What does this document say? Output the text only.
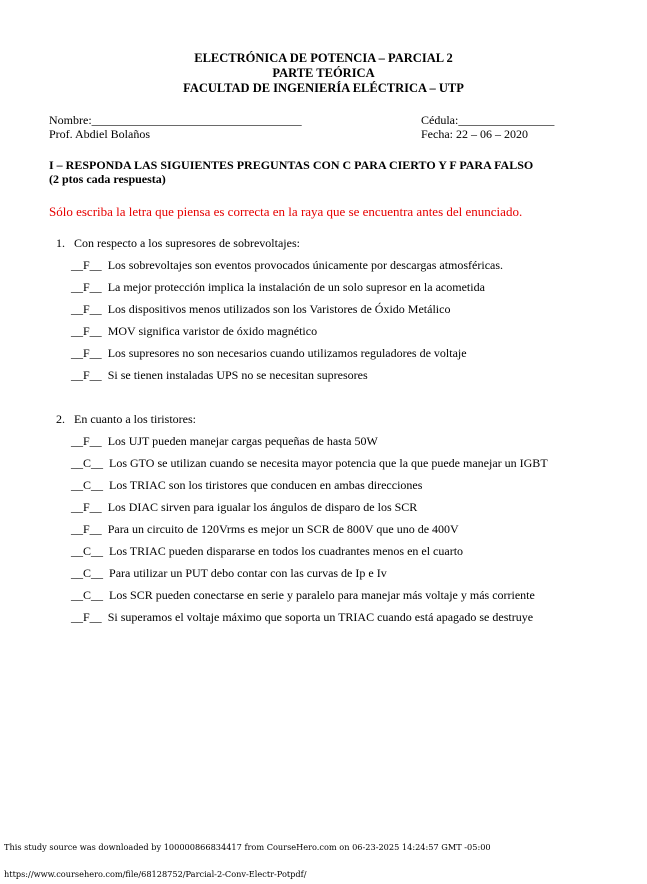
ELECTRÓNICA DE POTENCIA – PARCIAL 2
PARTE TEÓRICA
FACULTAD DE INGENIERÍA ELÉCTRICA – UTP
Nombre:___________________________________	Cédula:________________
Prof. Abdiel Bolaños	Fecha: 22 – 06 – 2020
I – RESPONDA LAS SIGUIENTES PREGUNTAS CON C PARA CIERTO Y F PARA FALSO
(2 ptos cada respuesta)
Sólo escriba la letra que piensa es correcta en la raya que se encuentra antes del enunciado.
1. Con respecto a los supresores de sobrevoltajes:
__F__ Los sobrevoltajes son eventos provocados únicamente por descargas atmosféricas.
__F__ La mejor protección implica la instalación de un solo supresor en la acometida
__F__ Los dispositivos menos utilizados son los Varistores de Óxido Metálico
__F__ MOV significa varistor de óxido magnético
__F__ Los supresores no son necesarios cuando utilizamos reguladores de voltaje
__F__ Si se tienen instaladas UPS no se necesitan supresores
2. En cuanto a los tiristores:
__F__ Los UJT pueden manejar cargas pequeñas de hasta 50W
__C__ Los GTO se utilizan cuando se necesita mayor potencia que la que puede manejar un IGBT
__C__ Los TRIAC son los tiristores que conducen en ambas direcciones
__F__ Los DIAC sirven para igualar los ángulos de disparo de los SCR
__F__ Para un circuito de 120Vrms es mejor un SCR de 800V que uno de 400V
__C__ Los TRIAC pueden dispararse en todos los cuadrantes menos en el cuarto
__C__ Para utilizar un PUT debo contar con las curvas de Ip e Iv
__C__ Los SCR pueden conectarse en serie y paralelo para manejar más voltaje y más corriente
__F__ Si superamos el voltaje máximo que soporta un TRIAC cuando está apagado se destruye
This study source was downloaded by 100000866834417 from CourseHero.com on 06-23-2025 14:24:57 GMT -05:00
https://www.coursehero.com/file/68128752/Parcial-2-Conv-Electr-Potpdf/
